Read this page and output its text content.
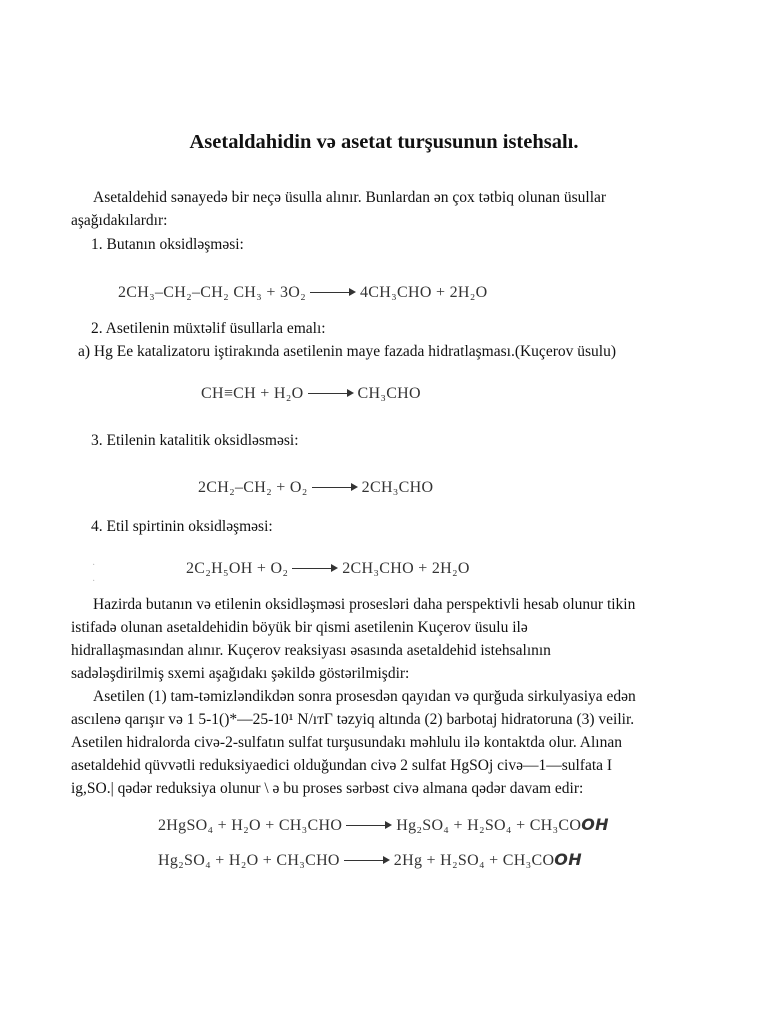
Asetaldahidin və asetat turşusunun istehsalı.
Asetaldehid sənayedə bir neçə üsulla alınır. Bunlardan ən çox tətbiq olunan üsullar
aşağıdakılardır:
1. Butanın oksidləşməsi:
2CH₃–CH₂–CH₂ CH₃ + 3O₂	4CH₃CHO + 2H₂O
2. Asetilenin müxtəlif üsullarla emalı:
a) Hg Ee katalizatoru iştirakında asetilenin maye fazada hidratlaşması.(Kuçerov üsulu)
CH≡CH + H₂O	CH₃CHO
3. Etilenin katalitik oksidləsməsi:
2CH₂–CH₂ + O₂	2CH₃CHO
4. Etil spirtinin oksidləşməsi:
2C₂H₅OH + O₂	2CH₃CHO + 2H₂O
·
·
Hazirda butanın və etilenin oksidləşməsi prosesləri daha perspektivli hesab olunur tikin
istifadə olunan asetaldehidin böyük bir qismi asetilenin Kuçerov üsulu ilə
hidrallaşmasından alınır. Kuçerov reaksiyası əsasında asetaldehid istehsalının
sadələşdirilmiş sxemi aşağıdakı şəkildə göstərilmişdir:
Asetilen (1) tam-təmizləndikdən sonra prosesdən qayıdan və qurğuda sirkulyasiya edən
ascılenə qarışır və 1 5-1()*—25-10¹ N/ıтΓ təzyiq altında (2) barbotaj hidratoruna (3) veilir.
Asetilen hidralorda civə-2-sulfatın sulfat turşusundakı məhlulu ilə kontaktda olur. Alınan
asetaldehid qüvvətli reduksiyaedici olduğundan civə 2 sulfat HgSOj civə—1—sulfata I
ig,SO.| qədər reduksiya olunur \ ə bu proses sərbəst civə almana qədər davam edir:
2HgSO₄ + H₂O + CH₃CHO	Hg₂SO₄ + H₂SO₄ + CH₃COOH
Hg₂SO₄ + H₂O + CH₃CHO	2Hg + H₂SO₄ + CH₃COOH
